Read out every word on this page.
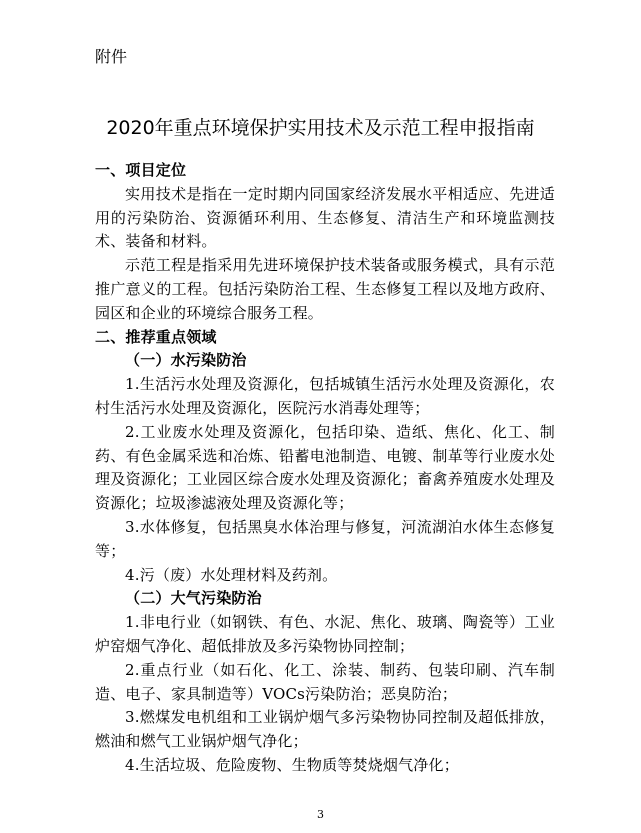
附件
2020年重点环境保护实用技术及示范工程申报指南
一、项目定位
实用技术是指在一定时期内同国家经济发展水平相适应、先进适用的污染防治、资源循环利用、生态修复、清洁生产和环境监测技术、装备和材料。
示范工程是指采用先进环境保护技术装备或服务模式，具有示范推广意义的工程。包括污染防治工程、生态修复工程以及地方政府、园区和企业的环境综合服务工程。
二、推荐重点领域
（一）水污染防治
1.生活污水处理及资源化，包括城镇生活污水处理及资源化，农村生活污水处理及资源化，医院污水消毒处理等；
2.工业废水处理及资源化，包括印染、造纸、焦化、化工、制药、有色金属采选和冶炼、铅蓄电池制造、电镀、制革等行业废水处理及资源化；工业园区综合废水处理及资源化；畜禽养殖废水处理及资源化；垃圾渗滤液处理及资源化等；
3.水体修复，包括黑臭水体治理与修复，河流湖泊水体生态修复等；
4.污（废）水处理材料及药剂。
（二）大气污染防治
1.非电行业（如钢铁、有色、水泥、焦化、玻璃、陶瓷等）工业炉窑烟气净化、超低排放及多污染物协同控制；
2.重点行业（如石化、化工、涂装、制药、包装印刷、汽车制造、电子、家具制造等）VOCs污染防治；恶臭防治；
3.燃煤发电机组和工业锅炉烟气多污染物协同控制及超低排放，燃油和燃气工业锅炉烟气净化；
4.生活垃圾、危险废物、生物质等焚烧烟气净化；
3
